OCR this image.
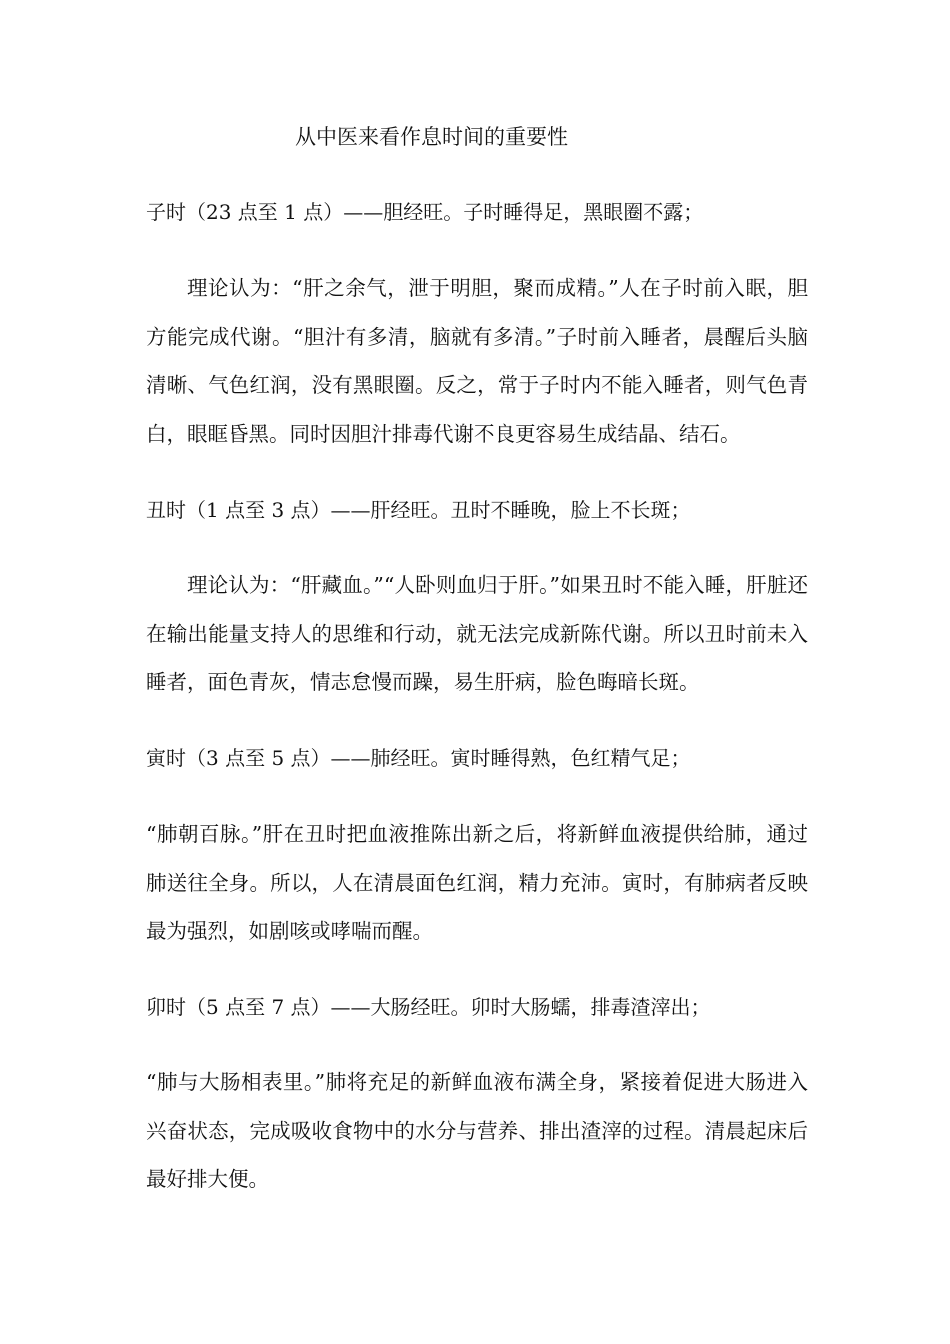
从中医来看作息时间的重要性

子时（23 点至 1 点）——胆经旺。子时睡得足，黑眼圈不露；

理论认为：“肝之余气，泄于明胆，聚而成精。”人在子时前入眠，胆方能完成代谢。“胆汁有多清，脑就有多清。”子时前入睡者，晨醒后头脑清晰、气色红润，没有黑眼圈。反之，常于子时内不能入睡者，则气色青白，眼眶昏黑。同时因胆汁排毒代谢不良更容易生成结晶、结石。

丑时（1 点至 3 点）——肝经旺。丑时不睡晚，脸上不长斑；

理论认为：“肝藏血。”“人卧则血归于肝。”如果丑时不能入睡，肝脏还在输出能量支持人的思维和行动，就无法完成新陈代谢。所以丑时前未入睡者，面色青灰，情志怠慢而躁，易生肝病，脸色晦暗长斑。

寅时（3 点至 5 点）——肺经旺。寅时睡得熟，色红精气足；

“肺朝百脉。”肝在丑时把血液推陈出新之后，将新鲜血液提供给肺，通过肺送往全身。所以，人在清晨面色红润，精力充沛。寅时，有肺病者反映最为强烈，如剧咳或哮喘而醒。

卯时（5 点至 7 点）——大肠经旺。卯时大肠蠕，排毒渣滓出；

“肺与大肠相表里。”肺将充足的新鲜血液布满全身，紧接着促进大肠进入兴奋状态，完成吸收食物中的水分与营养、排出渣滓的过程。清晨起床后最好排大便。
